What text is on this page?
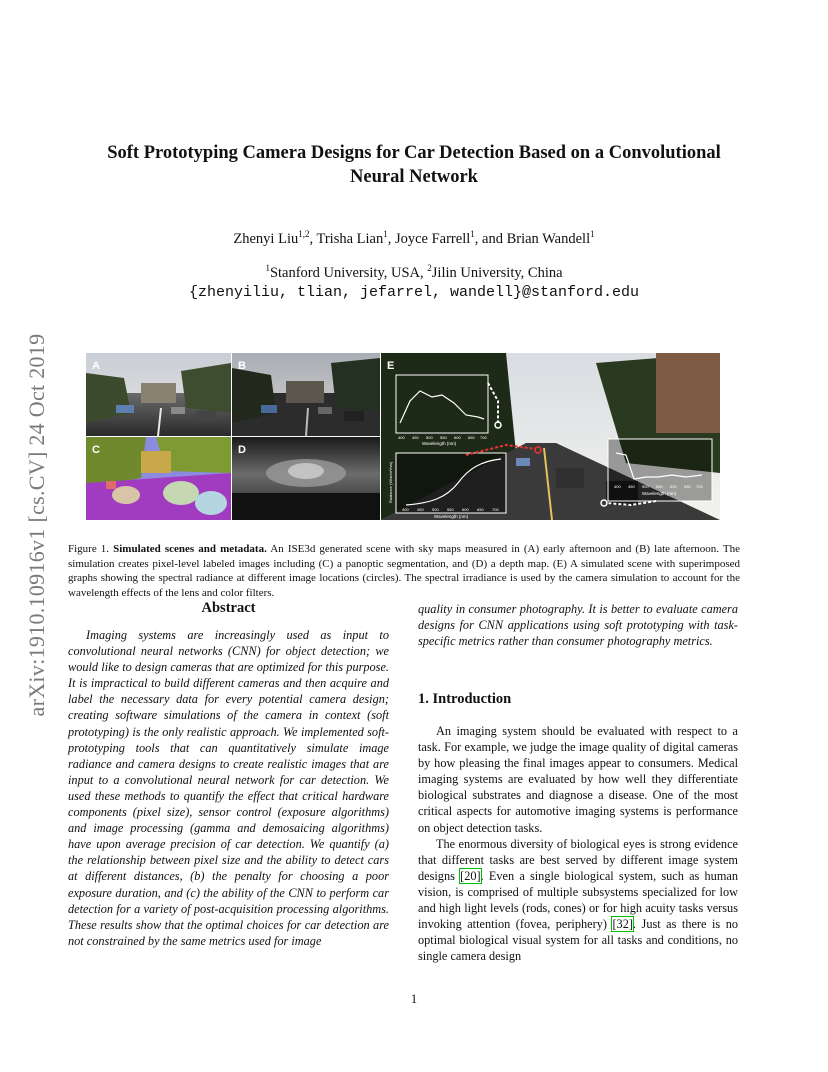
Soft Prototyping Camera Designs for Car Detection Based on a Convolutional
Neural Network
Zhenyi Liu$^{1,2}$, Trisha Lian$^1$, Joyce Farrell$^1$, and Brian Wandell$^1$
$^1$Stanford University, USA, $^2$Jilin University, China
{zhenyiliu, tlian, jefarrel, wandell}@stanford.edu
arXiv:1910.10916v1 [cs.CV] 24 Oct 2019	A	B
C	D
E
400 450 500 550 600 650 700
Wavelength (nm)
400 450 500 550 600 650 700
Wavelength (nm)
Radiance (W/sr/m²/nm)	400 450 500 550 600 650 700
Wavelength (nm)
Figure 1. Simulated scenes and metadata. An ISE3d generated scene with sky maps measured in (A) early afternoon and (B) late afternoon. The simulation creates pixel-level labeled images including (C) a panoptic segmentation, and (D) a depth map. (E) A simulated scene with superimposed graphs showing the spectral radiance at different image locations (circles). The spectral irradiance is used by the camera simulation to account for the wavelength effects of the lens and color filters.
Abstract
Imaging systems are increasingly used as input to convolutional neural networks (CNN) for object detection; we would like to design cameras that are optimized for this purpose. It is impractical to build different cameras and then acquire and label the necessary data for every potential camera design; creating software simulations of the camera in context (soft prototyping) is the only realistic approach. We implemented soft-prototyping tools that can quantitatively simulate image radiance and camera designs to create realistic images that are input to a convolutional neural network for car detection. We used these methods to quantify the effect that critical hardware components (pixel size), sensor control (exposure algorithms) and image processing (gamma and demosaicing algorithms) have upon average precision of car detection. We quantify (a) the relationship between pixel size and the ability to detect cars at different distances, (b) the penalty for choosing a poor exposure duration, and (c) the ability of the CNN to perform car detection for a variety of post-acquisition processing algorithms. These results show that the optimal choices for car detection are not constrained by the same metrics used for image
quality in consumer photography. It is better to evaluate camera designs for CNN applications using soft prototyping with task-specific metrics rather than consumer photography metrics.
1. Introduction

An imaging system should be evaluated with respect to a task. For example, we judge the image quality of digital cameras by how pleasing the final images appear to consumers. Medical imaging systems are evaluated by how well they differentiate biological substrates and diagnose a disease. One of the most critical aspects for automotive imaging systems is performance on object detection tasks.

The enormous diversity of biological eyes is strong evidence that different tasks are best served by different image system designs [20]. Even a single biological system, such as human vision, is comprised of multiple subsystems specialized for low and high light levels (rods, cones) or for high acuity tasks versus invoking attention (fovea, periphery) [32]. Just as there is no optimal biological visual system for all tasks and conditions, no single camera design

1
